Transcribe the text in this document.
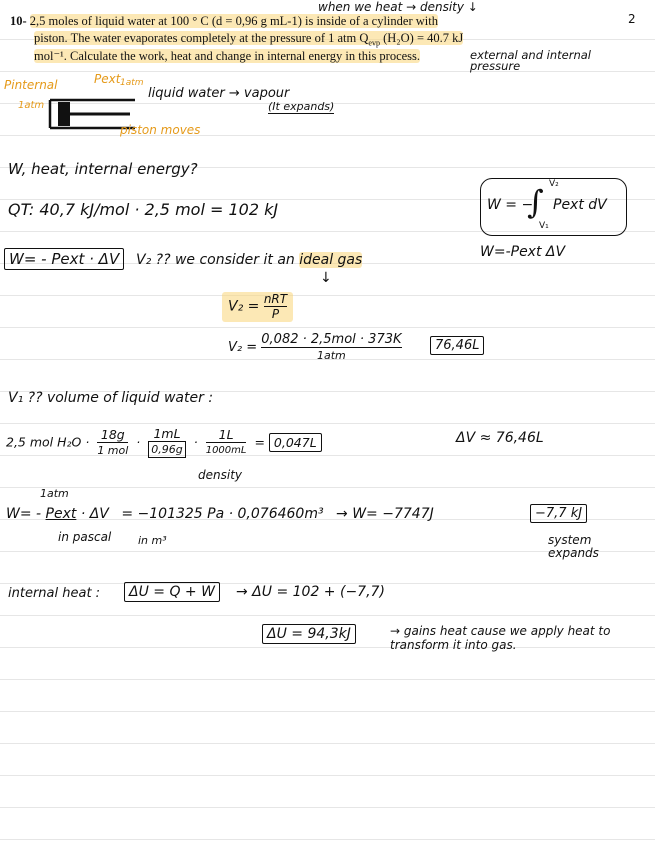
2
10- 2,5 moles of liquid water at 100 ° C (d = 0,96 g mL-1) is inside of a cylinder with
piston. The water evaporates completely at the pressure of 1 atm $Q_{evp}$ (H₂O) = 40.7 kJ
mol⁻¹. Calculate the work, heat and change in internal energy in this process.
when we heat → density ↓
external and internal pressure
Pinternal
1atm
Pext 1atm
liquid water → vapour
(It expands)
piston moves
W, heat, internal energy?
QT: 40,7 kJ/mol · 2,5 mol = 102 kJ	W = −
∫ V₂
V₁
Pext dV
W=-Pext ΔV
W= - Pext · ΔV	V₂ ?? we consider it an ideal gas
↓
V₂ = nRT
P
V₂ =
0,082 · 2,5mol · 373K
1atm
76,46L
V₁ ?? volume of liquid water :
2,5 mol H₂O ·
18g
1 mol
· $\frac{1mL}{0,96g}$ ·
1L
1000mL
= 0,047L
density
ΔV ≈ 76,46L
1atm
W= - Pext · ΔV = −101325 Pa · 0,076460m³ → W= −7747J	−7,7 kJ
in pascal in m³	system expands
internal heat :	ΔU = Q + W	→ ΔU = 102 + (−7,7)
ΔU = 94,3kJ	→ gains heat cause we apply heat to transform it into gas.
